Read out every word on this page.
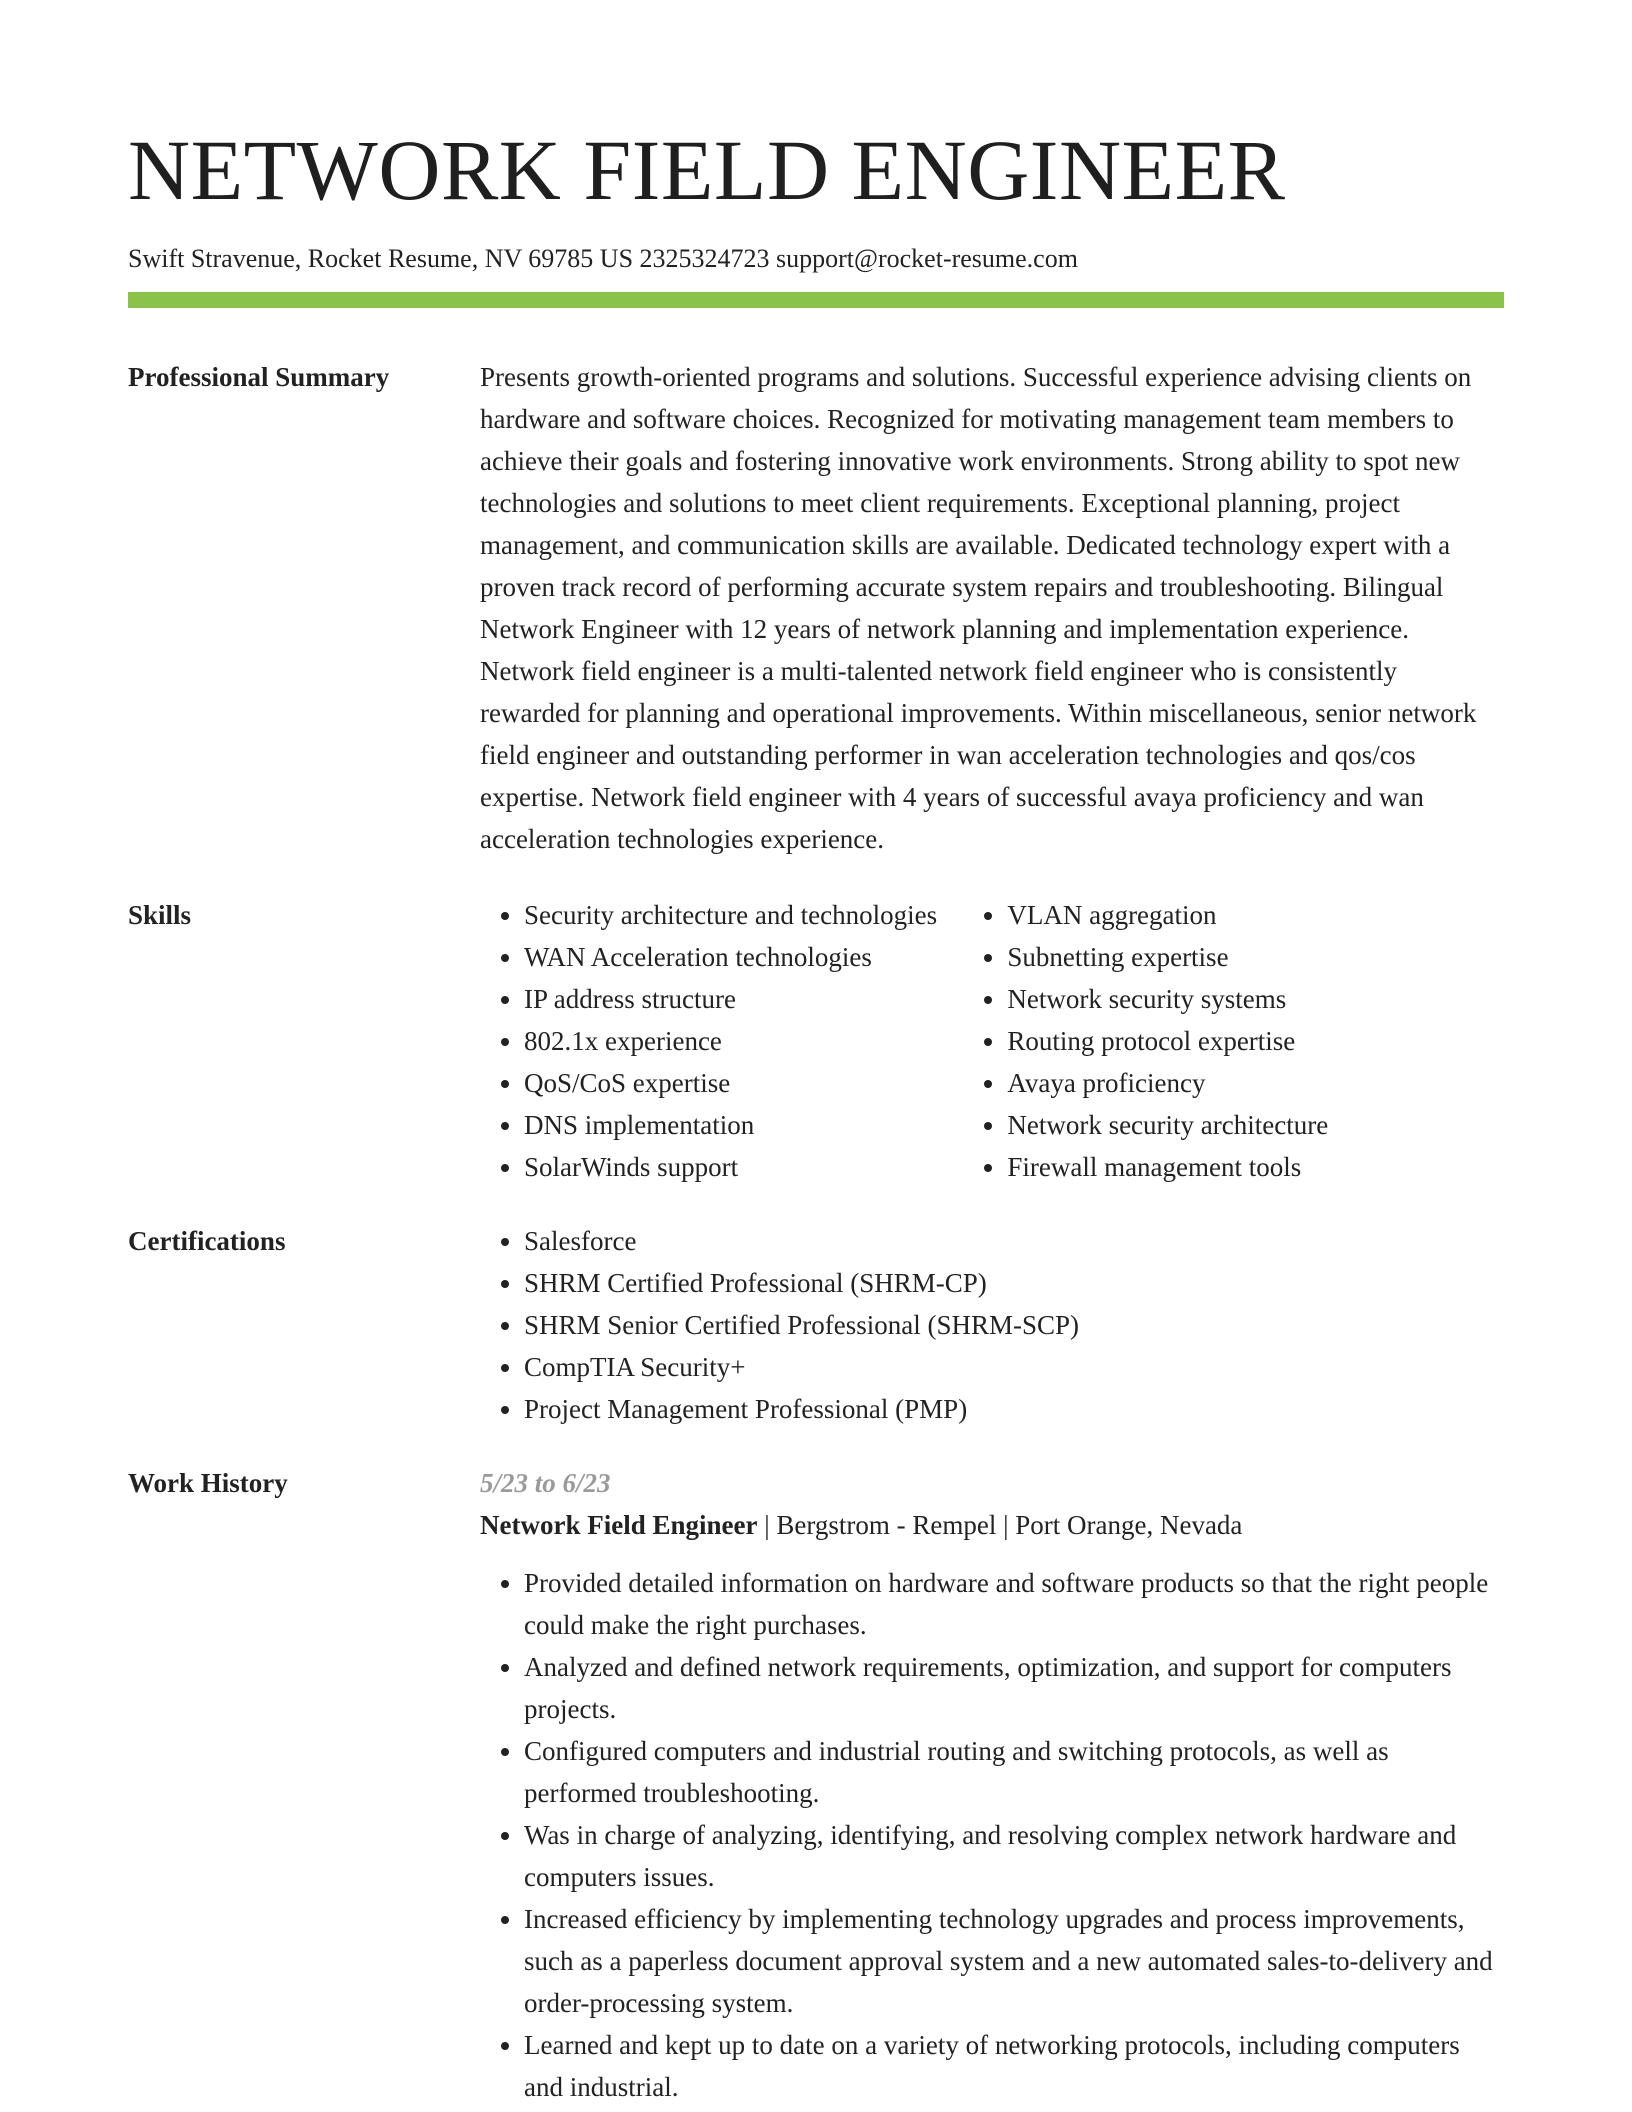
NETWORK FIELD ENGINEER
Swift Stravenue, Rocket Resume, NV 69785 US 2325324723 support@rocket-resume.com
Professional Summary	Presents growth-oriented programs and solutions. Successful experience advising clients on hardware and software choices. Recognized for motivating management team members to achieve their goals and fostering innovative work environments. Strong ability to spot new technologies and solutions to meet client requirements. Exceptional planning, project management, and communication skills are available. Dedicated technology expert with a proven track record of performing accurate system repairs and troubleshooting. Bilingual Network Engineer with 12 years of network planning and implementation experience. Network field engineer is a multi-talented network field engineer who is consistently rewarded for planning and operational improvements. Within miscellaneous, senior network field engineer and outstanding performer in wan acceleration technologies and qos/cos expertise. Network field engineer with 4 years of successful avaya proficiency and wan acceleration technologies experience.
Skills	• Security architecture and technologies
• WAN Acceleration technologies
• IP address structure
• 802.1x experience
• QoS/CoS expertise
• DNS implementation
• SolarWinds support
• VLAN aggregation
• Subnetting expertise
• Network security systems
• Routing protocol expertise
• Avaya proficiency
• Network security architecture
• Firewall management tools
Certifications	• Salesforce
• SHRM Certified Professional (SHRM-CP)
• SHRM Senior Certified Professional (SHRM-SCP)
• CompTIA Security+
• Project Management Professional (PMP)
Work History	5/23 to 6/23
Network Field Engineer | Bergstrom - Rempel | Port Orange, Nevada
• Provided detailed information on hardware and software products so that the right people could make the right purchases.
• Analyzed and defined network requirements, optimization, and support for computers projects.
• Configured computers and industrial routing and switching protocols, as well as performed troubleshooting.
• Was in charge of analyzing, identifying, and resolving complex network hardware and computers issues.
• Increased efficiency by implementing technology upgrades and process improvements, such as a paperless document approval system and a new automated sales-to-delivery and order-processing system.
• Learned and kept up to date on a variety of networking protocols, including computers and industrial.
